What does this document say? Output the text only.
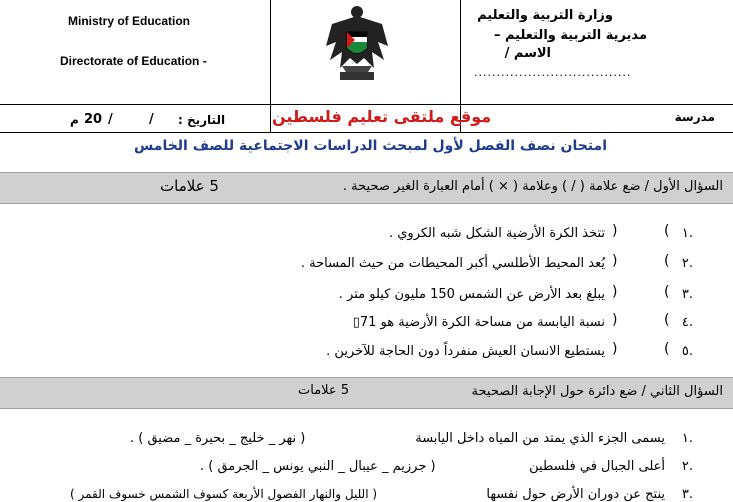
Ministry of Education
Directorate of Education -
وزارة التربية والتعليم
مديرية التربية والتعليم –
الاسم /
...................................
مدرسة
موقع ملتقى تعليم فلسطين
التاريخ :
/
/
20
م
امتحان نصف الفصل لأول لمبحث الدراسات الاجتماعية للصف الخامس
السؤال الأول / ضع علامة ( / ) وعلامة ( × ) أمام العبارة الغير صحيحة .
5 علامات
١.
(
)
تتخذ الكرة الأرضية الشكل شبه الكروي .
٢.
(
)
يُعد المحيط الأطلسي أكبر المحيطات من حيث المساحة .
٣.
(
)
يبلغ بعد الأرض عن الشمس 150 مليون كيلو متر .
٤.
(
)
نسبة اليابسة من مساحة الكرة الأرضية هو 71▯
٥.
(
)
يستطيع الانسان العيش منفرداً دون الحاجة للآخرين .
السؤال الثاني / ضع دائرة حول الإجابة الصحيحة
5 علامات
١.
يسمى الجزء الذي يمتد من المياه داخل اليابسة
( نهر _ خليج _ بحيرة _ مضيق ) .
٢.
أعلى الجبال في فلسطين
( جرزيم _ عيبال _ النبي يونس _ الجرمق ) .
٣.
ينتج عن دوران الأرض حول نفسها
( الليل والنهار الفصول الأربعة كسوف الشمس خسوف القمر )
